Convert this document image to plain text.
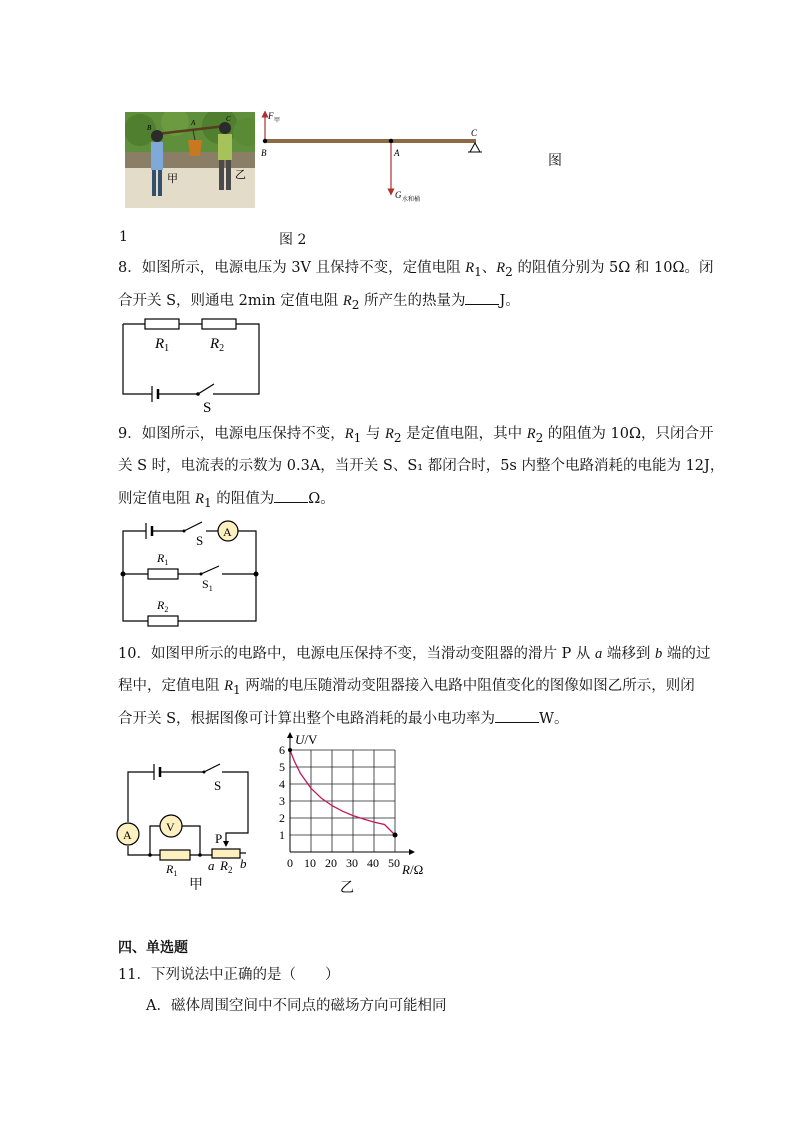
B
A	C
甲	乙
F 甲
B	A
G 水和桶
C
图
1	图 2
8．如图所示，电源电压为 3V 且保持不变，定值电阻 $R_1$、$R_2$ 的阻值分别为 5Ω 和 10Ω。闭
合开关 S，则通电 2min 定值电阻 $R_2$ 所产生的热量为 J。
$R_1$	$R_2$
S
9．如图所示，电源电压保持不变，$R_1$ 与 $R_2$ 是定值电阻，其中 $R_2$ 的阻值为 10Ω，只闭合开
关 S 时，电流表的示数为 0.3A，当开关 S、S₁ 都闭合时，5s 内整个电路消耗的电能为 12J，
则定值电阻 $R_1$ 的阻值为 Ω。
A
S
$R_1$
$S_1$
$R_2$
10．如图甲所示的电路中，电源电压保持不变，当滑动变阻器的滑片 P 从 a 端移到 b 端的过
程中，定值电阻 $R_1$ 两端的电压随滑动变阻器接入电路中阻值变化的图像如图乙所示，则闭
合开关 S，根据图像可计算出整个电路消耗的最小电功率为	W。
A
V
P
a $R_2$ b
$R_1$
S
甲
0 10 20 30 40 50
1
2
3
4
5
6
U/V
R/Ω
乙
四、单选题
11．下列说法中正确的是（　　）
A．磁体周围空间中不同点的磁场方向可能相同
